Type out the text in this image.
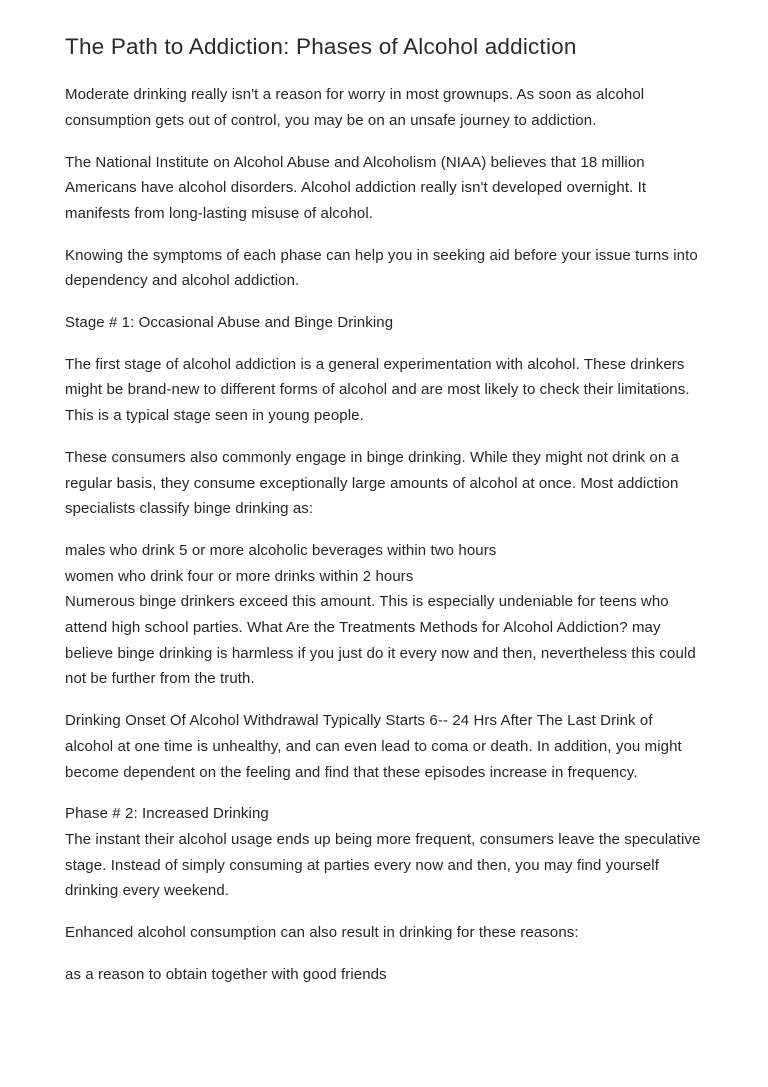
The Path to Addiction: Phases of Alcohol addiction

Moderate drinking really isn't a reason for worry in most grownups. As soon as alcohol consumption gets out of control, you may be on an unsafe journey to addiction.

The National Institute on Alcohol Abuse and Alcoholism (NIAA) believes that 18 million Americans have alcohol disorders. Alcohol addiction really isn't developed overnight. It manifests from long-lasting misuse of alcohol.

Knowing the symptoms of each phase can help you in seeking aid before your issue turns into dependency and alcohol addiction.

Stage # 1: Occasional Abuse and Binge Drinking

The first stage of alcohol addiction is a general experimentation with alcohol. These drinkers might be brand-new to different forms of alcohol and are most likely to check their limitations. This is a typical stage seen in young people.

These consumers also commonly engage in binge drinking. While they might not drink on a regular basis, they consume exceptionally large amounts of alcohol at once. Most addiction specialists classify binge drinking as:

males who drink 5 or more alcoholic beverages within two hours

women who drink four or more drinks within 2 hours

Numerous binge drinkers exceed this amount. This is especially undeniable for teens who attend high school parties. What Are the Treatments Methods for Alcohol Addiction? may believe binge drinking is harmless if you just do it every now and then, nevertheless this could not be further from the truth.

Drinking Onset Of Alcohol Withdrawal Typically Starts 6-- 24 Hrs After The Last Drink of alcohol at one time is unhealthy, and can even lead to coma or death. In addition, you might become dependent on the feeling and find that these episodes increase in frequency.

Phase # 2: Increased Drinking

The instant their alcohol usage ends up being more frequent, consumers leave the speculative stage. Instead of simply consuming at parties every now and then, you may find yourself drinking every weekend.

Enhanced alcohol consumption can also result in drinking for these reasons:

as a reason to obtain together with good friends
